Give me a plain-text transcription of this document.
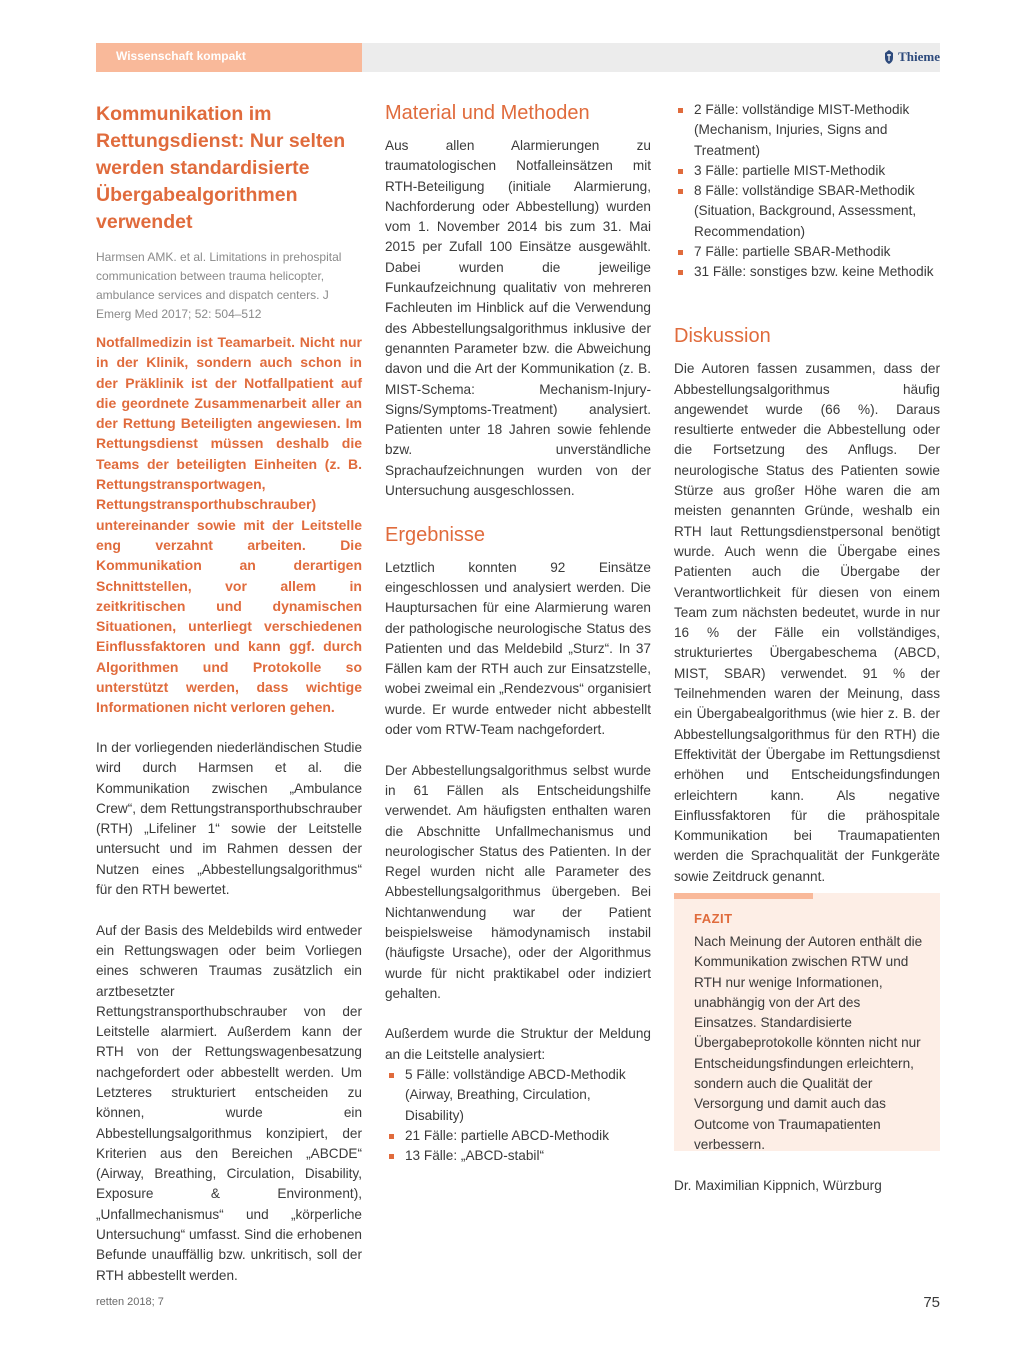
Wissenschaft kompakt	Thieme
Kommunikation im Rettungsdienst: Nur selten werden standardisierte Übergabealgorithmen verwendet

Harmsen AMK. et al. Limitations in prehospital communication between trauma helicopter, ambulance services and dispatch centers. J Emerg Med 2017; 52: 504–512

Notfallmedizin ist Teamarbeit. Nicht nur in der Klinik, sondern auch schon in der Präklinik ist der Notfallpatient auf die geordnete Zusammenarbeit aller an der Rettung Beteiligten angewiesen. Im Rettungsdienst müssen deshalb die Teams der beteiligten Einheiten (z. B. Rettungstransportwagen, Rettungstransporthubschrauber) untereinander sowie mit der Leitstelle eng verzahnt arbeiten. Die Kommunikation an derartigen Schnittstellen, vor allem in zeitkritischen und dynamischen Situationen, unterliegt verschiedenen Einflussfaktoren und kann ggf. durch Algorithmen und Protokolle so unterstützt werden, dass wichtige Informationen nicht verloren gehen.

In der vorliegenden niederländischen Studie wird durch Harmsen et al. die Kommunikation zwischen „Ambulance Crew“, dem Rettungstransporthubschrauber (RTH) „Lifeliner 1“ sowie der Leitstelle untersucht und im Rahmen dessen der Nutzen eines „Abbestellungsalgorithmus“ für den RTH bewertet.

Auf der Basis des Meldebilds wird entweder ein Rettungswagen oder beim Vorliegen eines schweren Traumas zusätzlich ein arztbesetzter Rettungstransporthubschrauber von der Leitstelle alarmiert. Außerdem kann der RTH von der Rettungswagenbesatzung nachgefordert oder abbestellt werden. Um Letzteres strukturiert entscheiden zu können, wurde ein Abbestellungsalgorithmus konzipiert, der Kriterien aus den Bereichen „ABCDE“ (Airway, Breathing, Circulation, Disability, Exposure & Environment), „Unfallmechanismus“ und „körperliche Untersuchung“ umfasst. Sind die erhobenen Befunde unauffällig bzw. unkritisch, soll der RTH abbestellt werden.

Material und Methoden

Aus allen Alarmierungen zu traumatologischen Notfalleinsätzen mit RTH-Beteiligung (initiale Alarmierung, Nachforderung oder Abbestellung) wurden vom 1. November 2014 bis zum 31. Mai 2015 per Zufall 100 Einsätze ausgewählt. Dabei wurden die jeweilige Funkaufzeichnung qualitativ von mehreren Fachleuten im Hinblick auf die Verwendung des Abbestellungsalgorithmus inklusive der genannten Parameter bzw. die Abweichung davon und die Art der Kommunikation (z. B. MIST-Schema: Mechanism-Injury-Signs/Symptoms-Treatment) analysiert. Patienten unter 18 Jahren sowie fehlende bzw. unverständliche Sprachaufzeichnungen wurden von der Untersuchung ausgeschlossen.

Ergebnisse

Letztlich konnten 92 Einsätze eingeschlossen und analysiert werden. Die Hauptursachen für eine Alarmierung waren der pathologische neurologische Status des Patienten und das Meldebild „Sturz“. In 37 Fällen kam der RTH auch zur Einsatzstelle, wobei zweimal ein „Rendezvous“ organisiert wurde. Er wurde entweder nicht abbestellt oder vom RTW-Team nachgefordert.

Der Abbestellungsalgorithmus selbst wurde in 61 Fällen als Entscheidungshilfe verwendet. Am häufigsten enthalten waren die Abschnitte Unfallmechanismus und neurologischer Status des Patienten. In der Regel wurden nicht alle Parameter des Abbestellungsalgorithmus übergeben. Bei Nichtanwendung war der Patient beispielsweise hämodynamisch instabil (häufigste Ursache), oder der Algorithmus wurde für nicht praktikabel oder indiziert gehalten.

Außerdem wurde die Struktur der Meldung an die Leitstelle analysiert:

5 Fälle: vollständige ABCD-Methodik (Airway, Breathing, Circulation, Disability)
21 Fälle: partielle ABCD-Methodik
13 Fälle: „ABCD-stabil“
2 Fälle: vollständige MIST-Methodik (Mechanism, Injuries, Signs and Treatment)
3 Fälle: partielle MIST-Methodik
8 Fälle: vollständige SBAR-Methodik (Situation, Background, Assessment, Recommendation)
7 Fälle: partielle SBAR-Methodik
31 Fälle: sonstiges bzw. keine Methodik
Diskussion

Die Autoren fassen zusammen, dass der Abbestellungsalgorithmus häufig angewendet wurde (66 %). Daraus resultierte entweder die Abbestellung oder die Fortsetzung des Anflugs. Der neurologische Status des Patienten sowie Stürze aus großer Höhe waren die am meisten genannten Gründe, weshalb ein RTH laut Rettungsdienstpersonal benötigt wurde. Auch wenn die Übergabe eines Patienten auch die Übergabe der Verantwortlichkeit für diesen von einem Team zum nächsten bedeutet, wurde in nur 16 % der Fälle ein vollständiges, strukturiertes Übergabeschema (ABCD, MIST, SBAR) verwendet. 91 % der Teilnehmenden waren der Meinung, dass ein Übergabealgorithmus (wie hier z. B. der Abbestellungsalgorithmus für den RTH) die Effektivität der Übergabe im Rettungsdienst erhöhen und Entscheidungsfindungen erleichtern kann. Als negative Einflussfaktoren für die prähospitale Kommunikation bei Traumapatienten werden die Sprachqualität der Funkgeräte sowie Zeitdruck genannt.

FAZIT

Nach Meinung der Autoren enthält die Kommunikation zwischen RTW und RTH nur wenige Informationen, unabhängig von der Art des Einsatzes. Standardisierte Übergabeprotokolle könnten nicht nur Entscheidungsfindungen erleichtern, sondern auch die Qualität der Versorgung und damit auch das Outcome von Traumapatienten verbessern.

Dr. Maximilian Kippnich, Würzburg

retten 2018; 7	75
